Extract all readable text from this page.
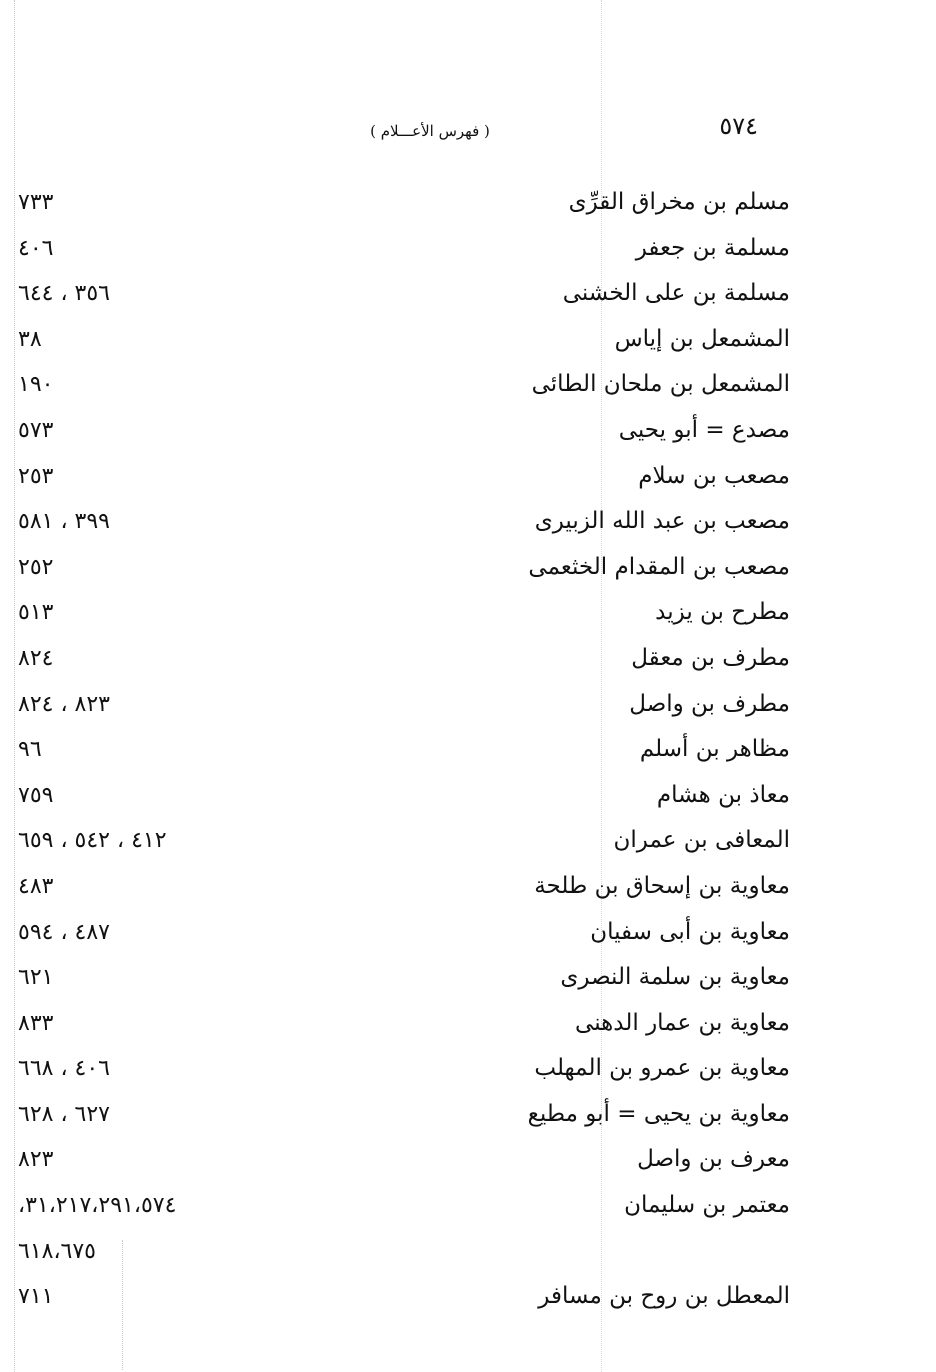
٥٧٤
( فهرس الأعـــلام )
مسلم بن مخراق القرِّى
٧٣٣
مسلمة بن جعفر
٤٠٦
مسلمة بن على الخشنى
٣٥٦ ، ٦٤٤
المشمعل بن إياس
٣٨
المشمعل بن ملحان الطائى
١٩٠
مصدع = أبو يحيى
٥٧٣
مصعب بن سلام
٢٥٣
مصعب بن عبد الله الزبيرى
٣٩٩ ، ٥٨١
مصعب بن المقدام الخثعمى
٢٥٢
مطرح بن يزيد
٥١٣
مطرف بن معقل
٨٢٤
مطرف بن واصل
٨٢٣ ، ٨٢٤
مظاهر بن أسلم
٩٦
معاذ بن هشام
٧٥٩
المعافى بن عمران
٤١٢ ، ٥٤٢ ، ٦٥٩
معاوية بن إسحاق بن طلحة
٤٨٣
معاوية بن أبى سفيان
٤٨٧ ، ٥٩٤
معاوية بن سلمة النصرى
٦٢١
معاوية بن عمار الدهنى
٨٣٣
معاوية بن عمرو بن المهلب
٤٠٦ ، ٦٦٨
معاوية بن يحيى = أبو مطيع
٦٢٧ ، ٦٢٨
معرف بن واصل
٨٢٣
معتمر بن سليمان
٣١،٢١٧،٢٩١،٥٧٤،
٦١٨،٦٧٥
المعطل بن روح بن مسافر
٧١١
